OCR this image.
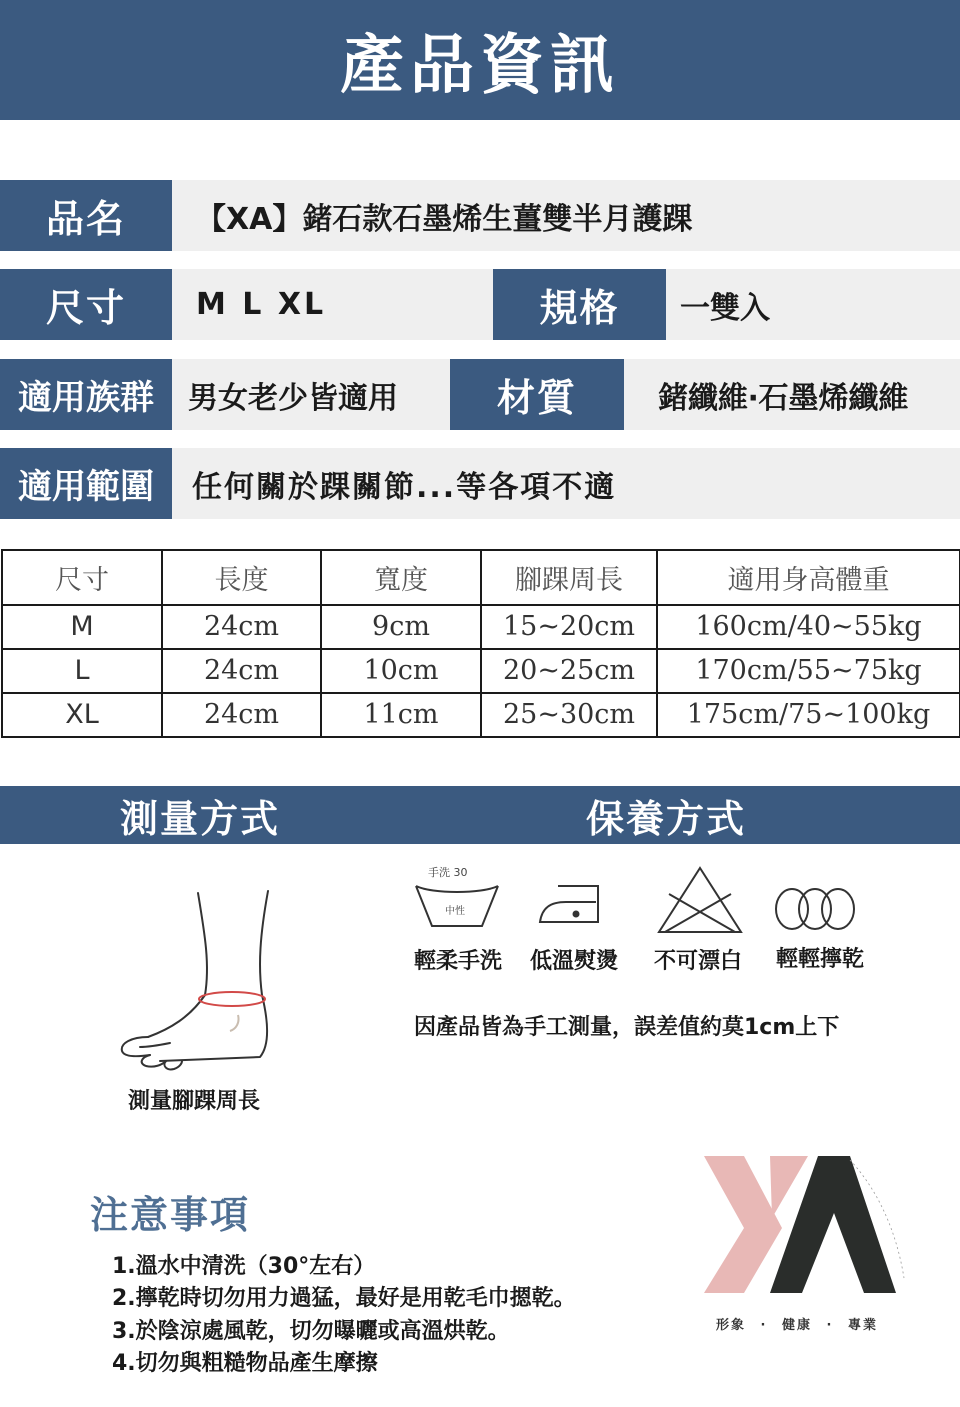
產品資訊
品名	【XA】鍺石款石墨烯生薑雙半月護踝
尺寸	M L XL	規格	一雙入
適用族群	男女老少皆適用	材質	鍺纖維‧石墨烯纖維
適用範圍	任何關於踝關節...等各項不適
尺寸	長度	寬度	腳踝周長	適用身高體重
M	24cm	9cm	15~20cm	160cm/40~55kg
L	24cm	10cm	20~25cm	170cm/55~75kg
XL	24cm	11cm	25~30cm	175cm/75~100kg
測量方式	保養方式
測量腳踝周長
手洗 30
中性
輕柔手洗 低溫熨燙 不可漂白 輕輕擰乾
因產品皆為手工測量，誤差值約莫1cm上下
注意事項
1.溫水中清洗（30°左右）
2.擰乾時切勿用力過猛，最好是用乾毛巾摁乾。
3.於陰涼處風乾，切勿曝曬或高溫烘乾。
4.切勿與粗糙物品產生摩擦
形象 · 健康 · 專業
